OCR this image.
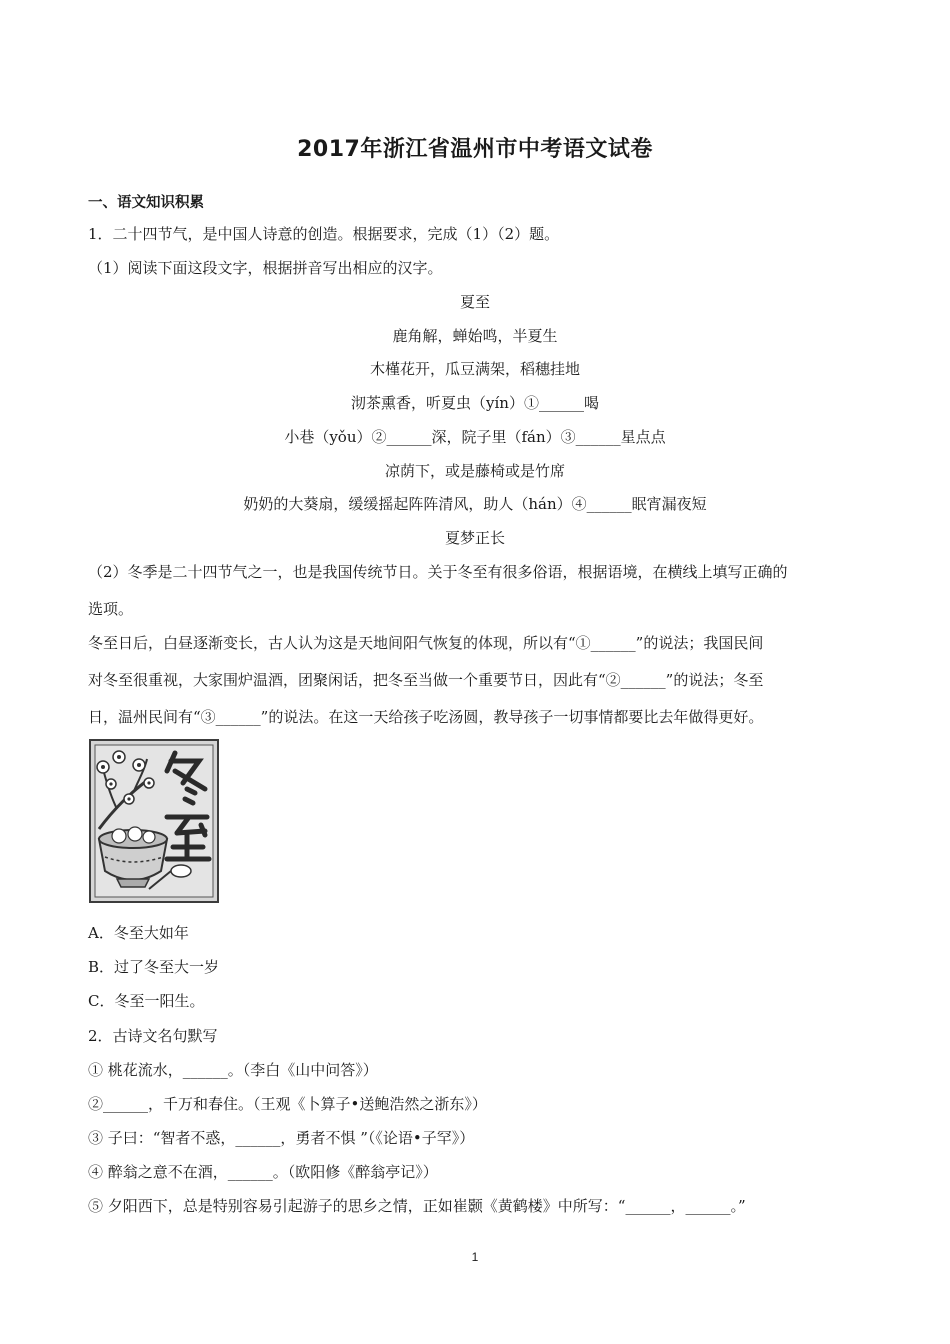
2017年浙江省温州市中考语文试卷
一、语文知识积累
1．二十四节气，是中国人诗意的创造。根据要求，完成（1）（2）题。
（1）阅读下面这段文字，根据拼音写出相应的汉字。
夏至
鹿角解，蝉始鸣，半夏生
木槿花开，瓜豆满架，稻穗挂地
沏茶熏香，听夏虫（yín）①______喝
小巷（yǒu）②______深，院子里（fán）③______星点点
凉荫下，或是藤椅或是竹席
奶奶的大葵扇，缓缓摇起阵阵清风，助人（hán）④______眠宵漏夜短
夏梦正长
（2）冬季是二十四节气之一，也是我国传统节日。关于冬至有很多俗语，根据语境，在横线上填写正确的
选项。
冬至日后，白昼逐渐变长，古人认为这是天地间阳气恢复的体现，所以有“①______”的说法；我国民间
对冬至很重视，大家围炉温酒，团聚闲话，把冬至当做一个重要节日，因此有“②______”的说法；冬至
日，温州民间有“③______”的说法。在这一天给孩子吃汤圆，教导孩子一切事情都要比去年做得更好。
A．冬至大如年
B．过了冬至大一岁
C．冬至一阳生。
2．古诗文名句默写
① 桃花流水，______。（李白《山中问答》）
②______，千万和春住。（王观《卜算子•送鲍浩然之浙东》）
③ 子曰：“智者不惑，______，勇者不惧 ”（《论语•子罕》）
④ 醉翁之意不在酒，______。（欧阳修《醉翁亭记》）
⑤ 夕阳西下，总是特别容易引起游子的思乡之情，正如崔颢《黄鹤楼》中所写：“______，______。”
1
